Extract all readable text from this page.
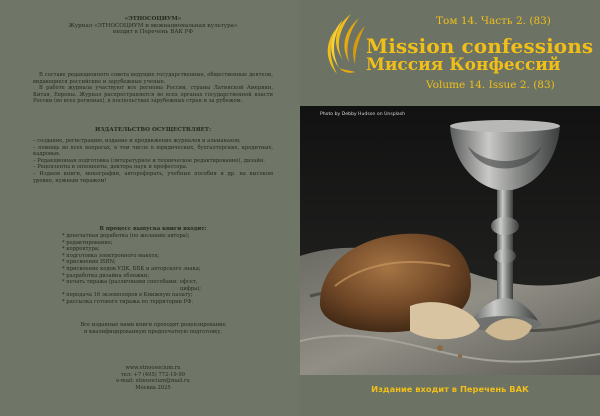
«ЭТНОСОЦИУМ»

Журнал «ЭТНОСОЦИУМ и межнациональная культура»

входит в Перечень ВАК РФ

В составе редакционного совета ведущие государственные, общественные деятели, видающиеся российские и зарубежные ученые.

В работе журнала участвуют все регионы России, страны Латинской Америки, Китая, Европы. Журнал распространяется во всех органах государственной власти России (во всех регионах), в поспольствах зарубежных стран и за рубежом.

ИЗДАТЕЛЬСТВО ОСУЩЕСТВЛЯЕТ:

– создание, регистрацию, издание и продвижение журналов и альманахов;

– помощь во всех вопросах, в том числе в юридических, бухгалтерских, кредитных, кадровых.

– Редакционная подготовка (литературное и техническое редактирование), дизайн.

– Рецензенты и оппоненты, доктора наук и профессора.

– Издаем книги, монографии, автореферать, учебные пособия и др. на высоком уровне, нужным тиражом!

В процесс выпуска книги входит:

* допечатная доработка (по желанию автора);

* редактирование;

* корректура;

* подготовка электронного макета;

* присвоение ISBN;

* присвоение кодов УДК, ББК и авторского знака;

* разработка дизайна обложки;

* печать тиража (различными способами: офсет,

цифра);

* передача 16 экземпляров в Книжную палату;

* рассылка готового тиража по территории РФ.

Все изданные нами книги проходят рецензирование

и квалифицированную предпечатную подготовку.

www.etnoosocium.ru

тел: +7 (495) 772-19-99

e-mail: etnosocium@mail.ru

Москва 2025

Том 14. Часть 2. (83)
Mission confessions
Миссия Конфессий
Volume 14. Issue 2. (83)
Photo by Debby Hudson on Unsplash
Издание входит в Перечень ВАК
